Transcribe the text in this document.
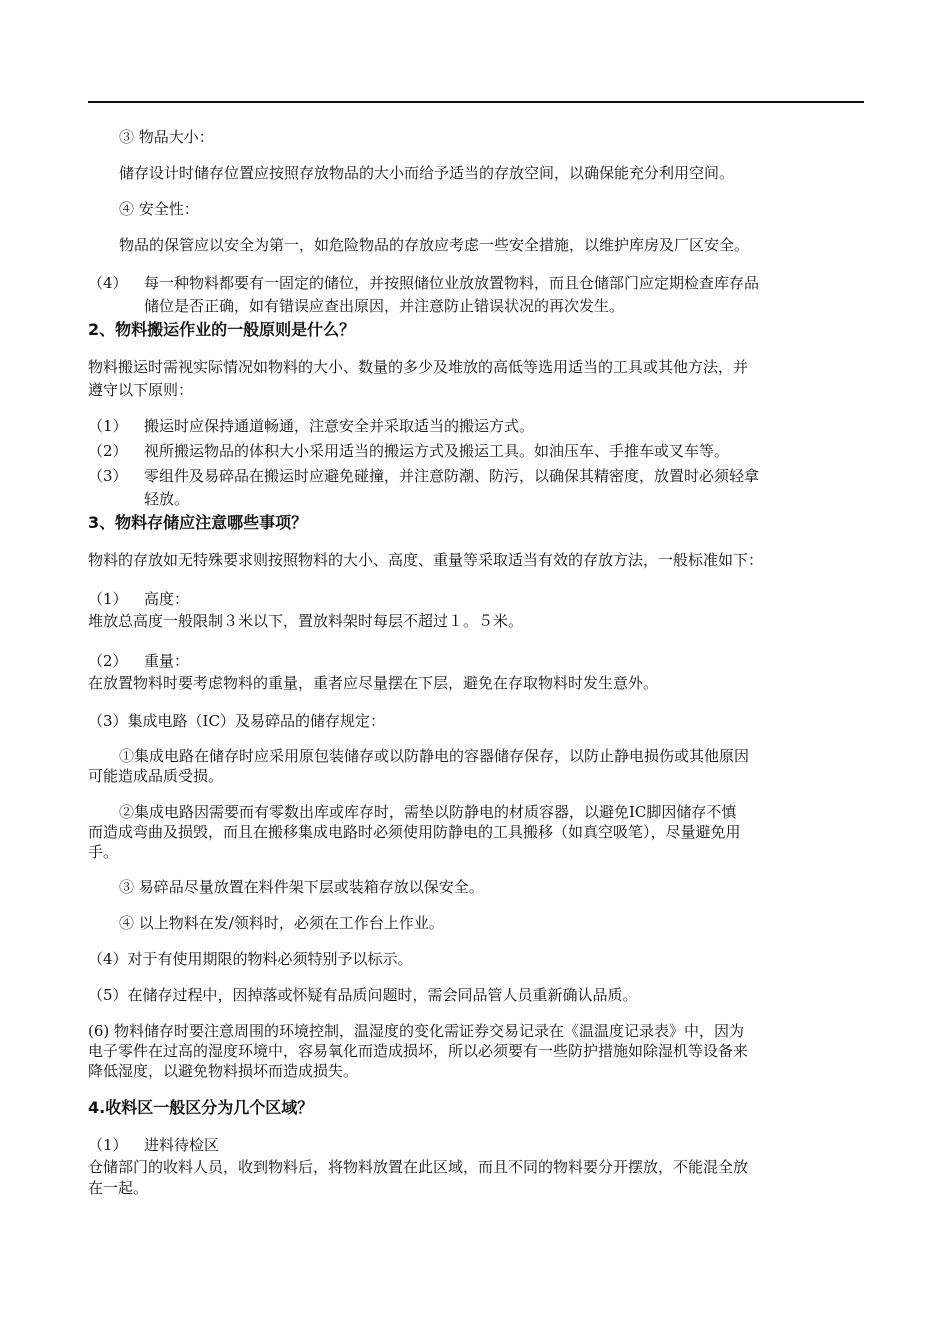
③ 物品大小：
储存设计时储存位置应按照存放物品的大小而给予适当的存放空间，以确保能充分利用空间。
④ 安全性：
物品的保管应以安全为第一，如危险物品的存放应考虑一些安全措施，以维护库房及厂区安全。
（4） 每一种物料都要有一固定的储位，并按照储位业放放置物料，而且仓储部门应定期检查库存品
储位是否正确，如有错误应查出原因，并注意防止错误状况的再次发生。
2、物料搬运作业的一般原则是什么？
物料搬运时需视实际情况如物料的大小、数量的多少及堆放的高低等选用适当的工具或其他方法，并
遵守以下原则：
（1） 搬运时应保持通道畅通，注意安全并采取适当的搬运方式。
（2） 视所搬运物品的体积大小采用适当的搬运方式及搬运工具。如油压车、手推车或叉车等。
（3） 零组件及易碎品在搬运时应避免碰撞，并注意防潮、防污，以确保其精密度，放置时必须轻拿
轻放。
3、物料存储应注意哪些事项？
物料的存放如无特殊要求则按照物料的大小、高度、重量等采取适当有效的存放方法，一般标准如下：
（1） 高度：
堆放总高度一般限制３米以下，置放料架时每层不超过１。５米。
（2） 重量：
在放置物料时要考虑物料的重量，重者应尽量摆在下层，避免在存取物料时发生意外。
（3）集成电路（IC）及易碎品的储存规定：
①集成电路在储存时应采用原包装储存或以防静电的容器储存保存，以防止静电损伤或其他原因
可能造成品质受损。
②集成电路因需要而有零数出库或库存时，需垫以防静电的材质容器，以避免IC脚因储存不慎
而造成弯曲及损毁，而且在搬移集成电路时必须使用防静电的工具搬移（如真空吸笔），尽量避免用
手。
③ 易碎品尽量放置在料件架下层或装箱存放以保安全。
④ 以上物料在发/领料时，必须在工作台上作业。
（4）对于有使用期限的物料必须特别予以标示。
（5）在储存过程中，因掉落或怀疑有品质问题时，需会同品管人员重新确认品质。
(6) 物料储存时要注意周围的环境控制，温湿度的变化需证券交易记录在《温温度记录表》中，因为
电子零件在过高的湿度环境中，容易氧化而造成损坏，所以必须要有一些防护措施如除湿机等设备来
降低湿度，以避免物料损坏而造成损失。
4.收料区一般区分为几个区域？
（1） 进料待检区
仓储部门的收料人员，收到物料后，将物料放置在此区域，而且不同的物料要分开摆放，不能混全放
在一起。
